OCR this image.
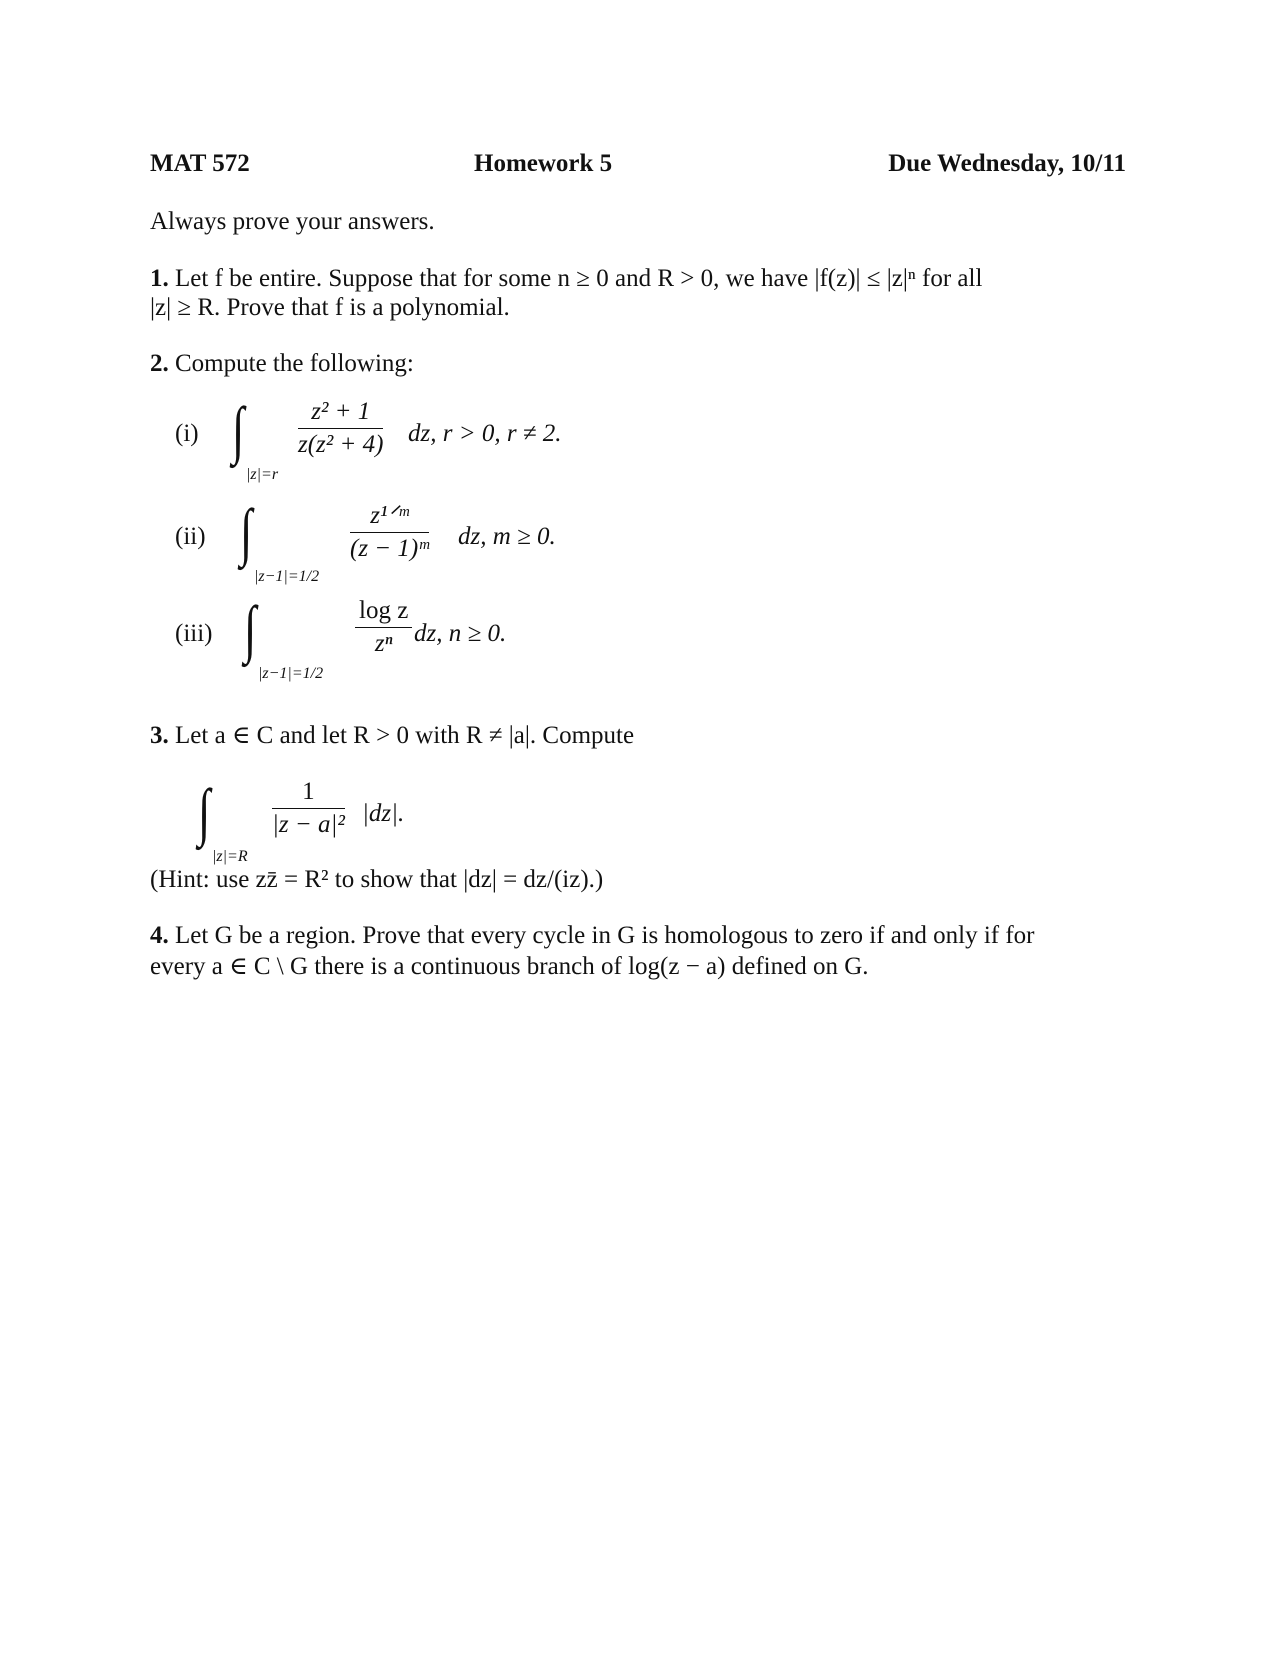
MAT 572	Homework 5	Due Wednesday, 10/11
Always prove your answers.
1. Let f be entire. Suppose that for some n ≥ 0 and R > 0, we have |f(z)| ≤ |z|ⁿ for all
|z| ≥ R. Prove that f is a polynomial.
2. Compute the following:
(i) ∫
|z|=r
$\frac{\text{z² + 1}}{\text{z(z² + 4)}}$ dz, r > 0, r ≠ 2.
(ii) ∫
|z−1|=1/2
z¹ᐟᵐ
(z − 1)ᵐ dz, m ≥ 0.
(iii) ∫
|z−1|=1/2
$\frac{\text{log z}}{\text{zⁿ}}$ dz, n ≥ 0.
3. Let a ∈ C and let R > 0 with R ≠ |a|. Compute
∫
|z|=R
$\frac{1}{\text{|z − a|²}} |dz|$.
(Hint: use zz̄ = R² to show that |dz| = dz/(iz).)
4. Let G be a region. Prove that every cycle in G is homologous to zero if and only if for
every a ∈ C \ G there is a continuous branch of log(z − a) defined on G.
